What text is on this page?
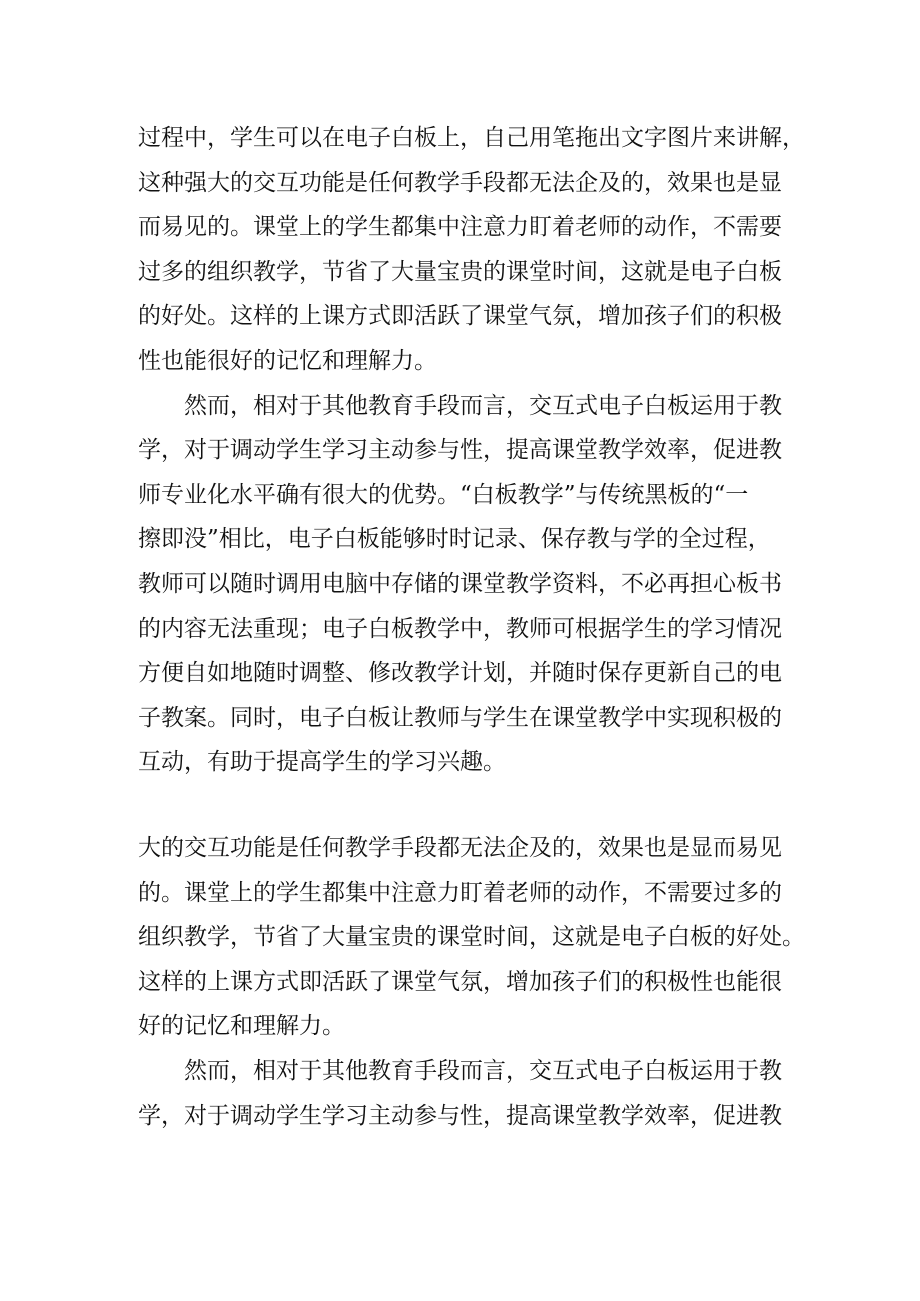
过程中，学生可以在电子白板上，自己用笔拖出文字图片来讲解，
这种强大的交互功能是任何教学手段都无法企及的，效果也是显
而易见的。课堂上的学生都集中注意力盯着老师的动作，不需要
过多的组织教学，节省了大量宝贵的课堂时间，这就是电子白板
的好处。这样的上课方式即活跃了课堂气氛，增加孩子们的积极
性也能很好的记忆和理解力。
然而，相对于其他教育手段而言，交互式电子白板运用于教
学，对于调动学生学习主动参与性，提高课堂教学效率，促进教
师专业化水平确有很大的优势。“白板教学”与传统黑板的“一
擦即没”相比，电子白板能够时时记录、保存教与学的全过程，
教师可以随时调用电脑中存储的课堂教学资料，不必再担心板书
的内容无法重现；电子白板教学中，教师可根据学生的学习情况
方便自如地随时调整、修改教学计划，并随时保存更新自己的电
子教案。同时，电子白板让教师与学生在课堂教学中实现积极的
互动，有助于提高学生的学习兴趣。
大的交互功能是任何教学手段都无法企及的，效果也是显而易见
的。课堂上的学生都集中注意力盯着老师的动作，不需要过多的
组织教学，节省了大量宝贵的课堂时间，这就是电子白板的好处。
这样的上课方式即活跃了课堂气氛，增加孩子们的积极性也能很
好的记忆和理解力。
然而，相对于其他教育手段而言，交互式电子白板运用于教
学，对于调动学生学习主动参与性，提高课堂教学效率，促进教
